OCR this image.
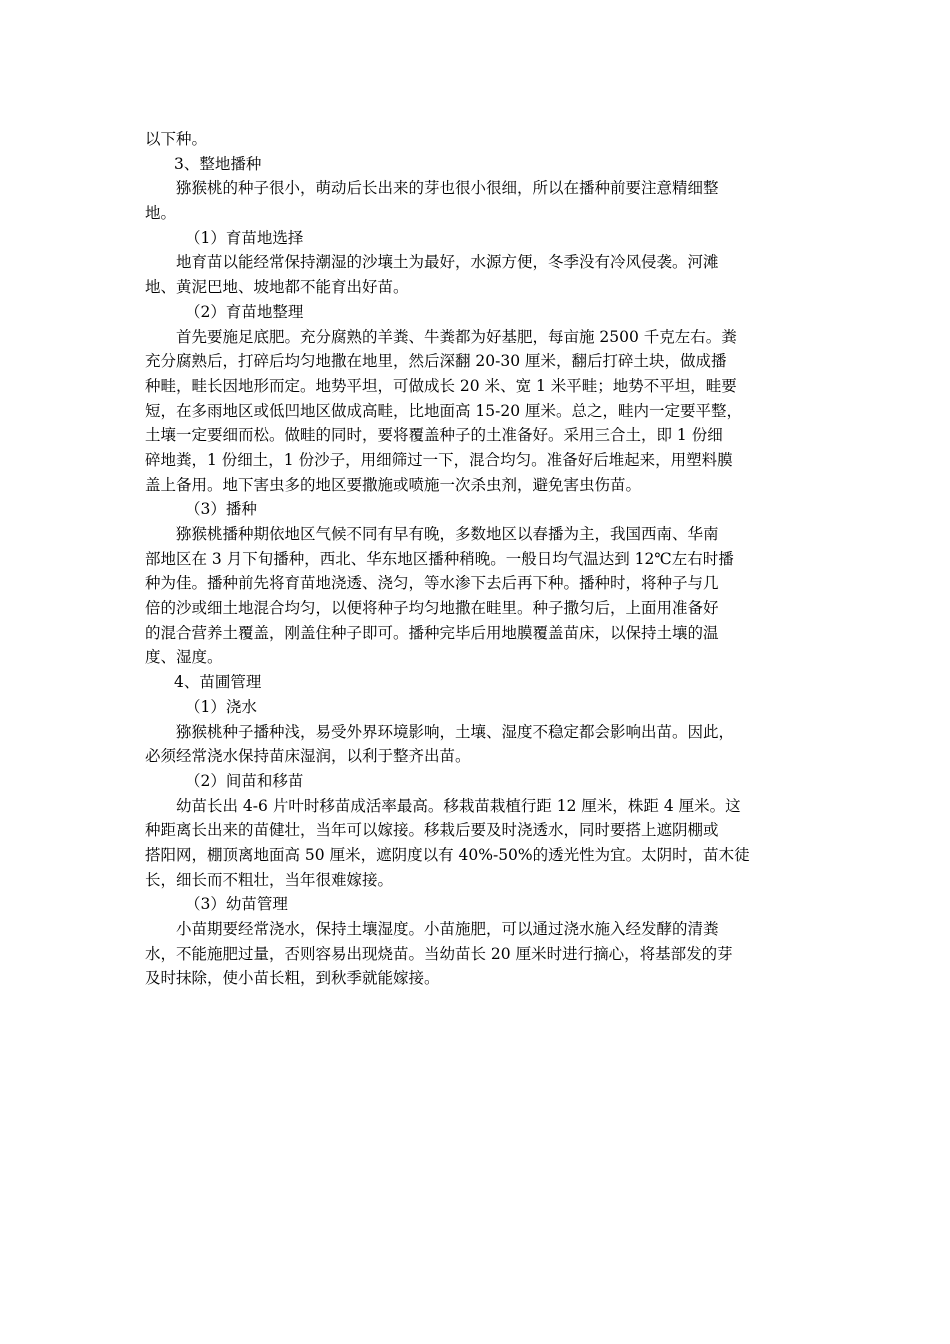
以下种。

3、整地播种

猕猴桃的种子很小，萌动后长出来的芽也很小很细，所以在播种前要注意精细整

地。

（1）育苗地选择

地育苗以能经常保持潮湿的沙壤土为最好，水源方便，冬季没有冷风侵袭。河滩

地、黄泥巴地、坡地都不能育出好苗。

（2）育苗地整理

首先要施足底肥。充分腐熟的羊粪、牛粪都为好基肥，每亩施 2500 千克左右。粪

充分腐熟后，打碎后均匀地撒在地里，然后深翻 20-30 厘米，翻后打碎土块，做成播

种畦，畦长因地形而定。地势平坦，可做成长 20 米、宽 1 米平畦；地势不平坦，畦要

短，在多雨地区或低凹地区做成高畦，比地面高 15-20 厘米。总之，畦内一定要平整，

土壤一定要细而松。做畦的同时，要将覆盖种子的土准备好。采用三合土，即 1 份细

碎地粪，1 份细土，1 份沙子，用细筛过一下，混合均匀。准备好后堆起来，用塑料膜

盖上备用。地下害虫多的地区要撒施或喷施一次杀虫剂，避免害虫伤苗。

（3）播种

猕猴桃播种期依地区气候不同有早有晚，多数地区以春播为主，我国西南、华南

部地区在 3 月下旬播种，西北、华东地区播种稍晚。一般日均气温达到 12℃左右时播

种为佳。播种前先将育苗地浇透、浇匀，等水渗下去后再下种。播种时，将种子与几

倍的沙或细土地混合均匀，以便将种子均匀地撒在畦里。种子撒匀后，上面用准备好

的混合营养土覆盖，刚盖住种子即可。播种完毕后用地膜覆盖苗床，以保持土壤的温

度、湿度。

4、苗圃管理

（1）浇水

猕猴桃种子播种浅，易受外界环境影响，土壤、湿度不稳定都会影响出苗。因此，

必须经常浇水保持苗床湿润，以利于整齐出苗。

（2）间苗和移苗

幼苗长出 4-6 片叶时移苗成活率最高。移栽苗栽植行距 12 厘米，株距 4 厘米。这

种距离长出来的苗健壮，当年可以嫁接。移栽后要及时浇透水，同时要搭上遮阴棚或

搭阳网，棚顶离地面高 50 厘米，遮阴度以有 40%-50%的透光性为宜。太阴时，苗木徒

长，细长而不粗壮，当年很难嫁接。

（3）幼苗管理

小苗期要经常浇水，保持土壤湿度。小苗施肥，可以通过浇水施入经发酵的清粪

水，不能施肥过量，否则容易出现烧苗。当幼苗长 20 厘米时进行摘心，将基部发的芽

及时抹除，使小苗长粗，到秋季就能嫁接。
